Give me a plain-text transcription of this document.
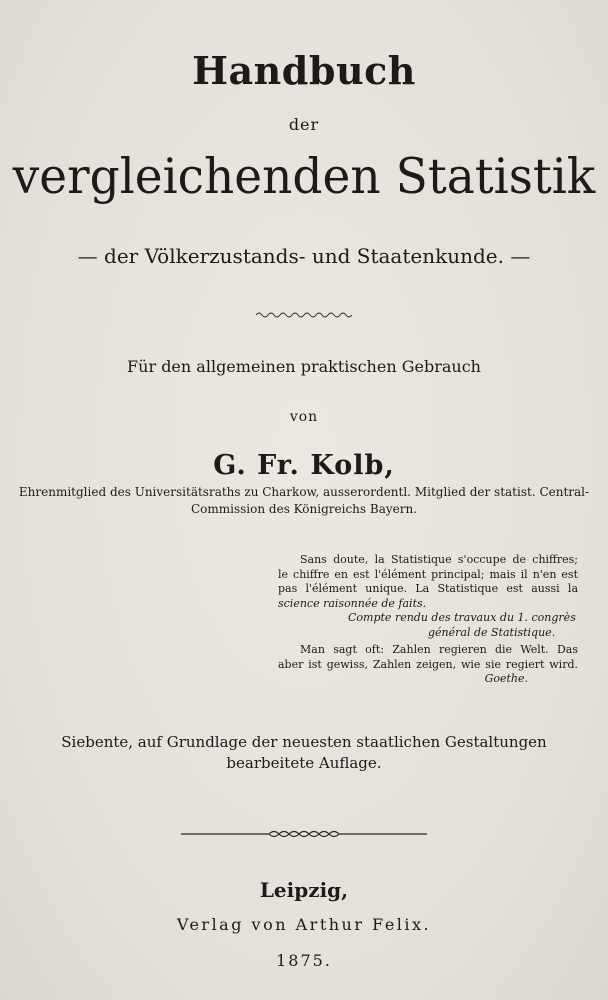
Handbuch
der
vergleichenden Statistik
— der Völkerzustands- und Staatenkunde. —
Für den allgemeinen praktischen Gebrauch
von
G. Fr. Kolb,
Ehrenmitglied des Universitätsraths zu Charkow, ausserordentl. Mitglied der statist. Central-
Commission des Königreichs Bayern.
Sans doute, la Statistique s'occupe de chiffres;
le chiffre en est l'élément principal; mais il n'en est
pas l'élément unique. La Statistique est aussi la
science raisonnée de faits.
Compte rendu des travaux du 1. congrès
général de Statistique.
Man sagt oft: Zahlen regieren die Welt. Das
aber ist gewiss, Zahlen zeigen, wie sie regiert wird.
Goethe.
Siebente, auf Grundlage der neuesten staatlichen Gestaltungen
bearbeitete Auflage.
Leipzig,
Verlag von Arthur Felix.
1875.
